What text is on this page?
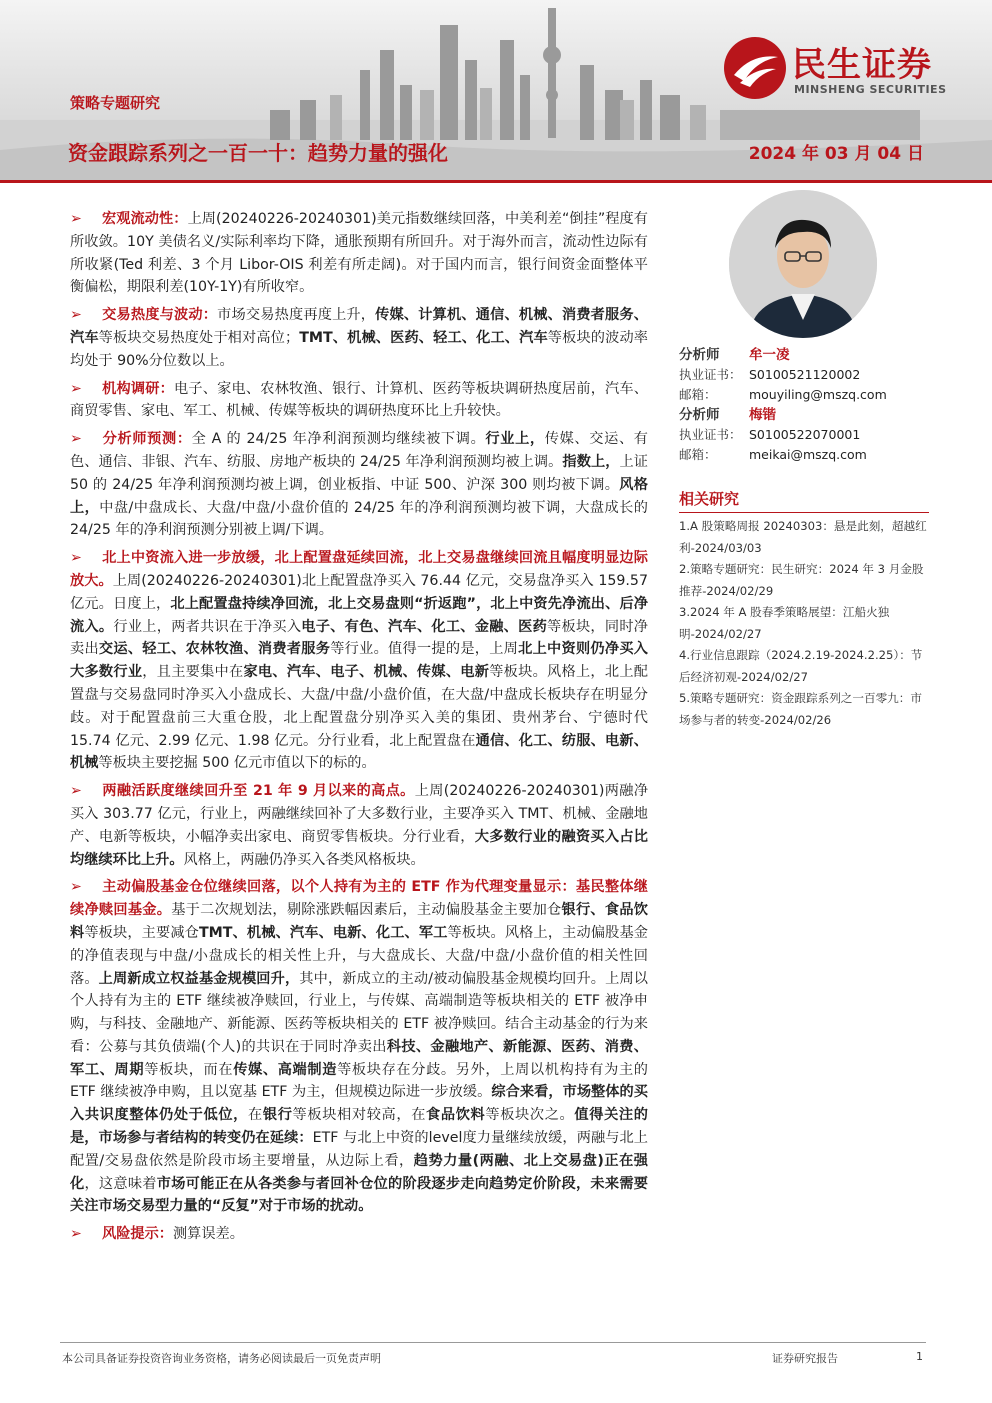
策略专题研究
资金跟踪系列之一百一十：趋势力量的强化	2024 年 03 月 04 日
民生证券
MINSHENG SECURITIES

➢ 宏观流动性：上周(20240226-20240301)美元指数继续回落，中美利差“倒挂”程度有所收敛。10Y 美债名义/实际利率均下降，通胀预期有所回升。对于海外而言，流动性边际有所收紧(Ted 利差、3 个月 Libor-OIS 利差有所走阔)。对于国内而言，银行间资金面整体平衡偏松，期限利差(10Y-1Y)有所收窄。

➢ 交易热度与波动：市场交易热度再度上升，传媒、计算机、通信、机械、消费者服务、汽车等板块交易热度处于相对高位；TMT、机械、医药、轻工、化工、汽车等板块的波动率均处于 90%分位数以上。

➢ 机构调研：电子、家电、农林牧渔、银行、计算机、医药等板块调研热度居前，汽车、商贸零售、家电、军工、机械、传媒等板块的调研热度环比上升较快。

➢ 分析师预测：全 A 的 24/25 年净利润预测均继续被下调。行业上，传媒、交运、有色、通信、非银、汽车、纺服、房地产板块的 24/25 年净利润预测均被上调。指数上，上证 50 的 24/25 年净利润预测均被上调，创业板指、中证 500、沪深 300 则均被下调。风格上，中盘/中盘成长、大盘/中盘/小盘价值的 24/25 年的净利润预测均被下调，大盘成长的 24/25 年的净利润预测分别被上调/下调。

➢ 北上中资流入进一步放缓，北上配置盘延续回流，北上交易盘继续回流且幅度明显边际放大。上周(20240226-20240301)北上配置盘净买入 76.44 亿元，交易盘净买入 159.57 亿元。日度上，北上配置盘持续净回流，北上交易盘则“折返跑”，北上中资先净流出、后净流入。行业上，两者共识在于净买入电子、有色、汽车、化工、金融、医药等板块，同时净卖出交运、轻工、农林牧渔、消费者服务等行业。值得一提的是，上周北上中资则仍净买入大多数行业，且主要集中在家电、汽车、电子、机械、传媒、电新等板块。风格上，北上配置盘与交易盘同时净买入小盘成长、大盘/中盘/小盘价值，在大盘/中盘成长板块存在明显分歧。对于配置盘前三大重仓股，北上配置盘分别净买入美的集团、贵州茅台、宁德时代 15.74 亿元、2.99 亿元、1.98 亿元。分行业看，北上配置盘在通信、化工、纺服、电新、机械等板块主要挖掘 500 亿元市值以下的标的。

➢ 两融活跃度继续回升至 21 年 9 月以来的高点。上周(20240226-20240301)两融净买入 303.77 亿元，行业上，两融继续回补了大多数行业，主要净买入 TMT、机械、金融地产、电新等板块，小幅净卖出家电、商贸零售板块。分行业看，大多数行业的融资买入占比均继续环比上升。风格上，两融仍净买入各类风格板块。

➢ 主动偏股基金仓位继续回落，以个人持有为主的 ETF 作为代理变量显示：基民整体继续净赎回基金。基于二次规划法，剔除涨跌幅因素后，主动偏股基金主要加仓银行、食品饮料等板块，主要减仓TMT、机械、汽车、电新、化工、军工等板块。风格上，主动偏股基金的净值表现与中盘/小盘成长的相关性上升，与大盘成长、大盘/中盘/小盘价值的相关性回落。上周新成立权益基金规模回升，其中，新成立的主动/被动偏股基金规模均回升。上周以个人持有为主的 ETF 继续被净赎回，行业上，与传媒、高端制造等板块相关的 ETF 被净申购，与科技、金融地产、新能源、医药等板块相关的 ETF 被净赎回。结合主动基金的行为来看：公募与其负债端(个人)的共识在于同时净卖出科技、金融地产、新能源、医药、消费、军工、周期等板块，而在传媒、高端制造等板块存在分歧。另外，上周以机构持有为主的 ETF 继续被净申购，且以宽基 ETF 为主，但规模边际进一步放缓。综合来看，市场整体的买入共识度整体仍处于低位，在银行等板块相对较高，在食品饮料等板块次之。值得关注的是，市场参与者结构的转变仍在延续：ETF 与北上中资的level度力量继续放缓，两融与北上配置/交易盘依然是阶段市场主要增量，从边际上看，趋势力量(两融、北上交易盘)正在强化，这意味着市场可能正在从各类参与者回补仓位的阶段逐步走向趋势定价阶段，未来需要关注市场交易型力量的“反复”对于市场的扰动。

➢ 风险提示：测算误差。

分析师 牟一凌
执业证书： S0100521120002
邮箱：	mouyiling@mszq.com
分析师 梅锴
执业证书： S0100522070001
邮箱：	meikai@mszq.com
相关研究
1.A 股策略周报 20240303：悬是此刻，超越红利-2024/03/03
2.策略专题研究：民生研究：2024 年 3 月金股推荐-2024/02/29
3.2024 年 A 股春季策略展望：江船火独明-2024/02/27
4.行业信息跟踪（2024.2.19-2024.2.25）：节后经济初观-2024/02/27
5.策略专题研究：资金跟踪系列之一百零九：市场参与者的转变-2024/02/26
本公司具备证券投资咨询业务资格，请务必阅读最后一页免责声明	证券研究报告	1
